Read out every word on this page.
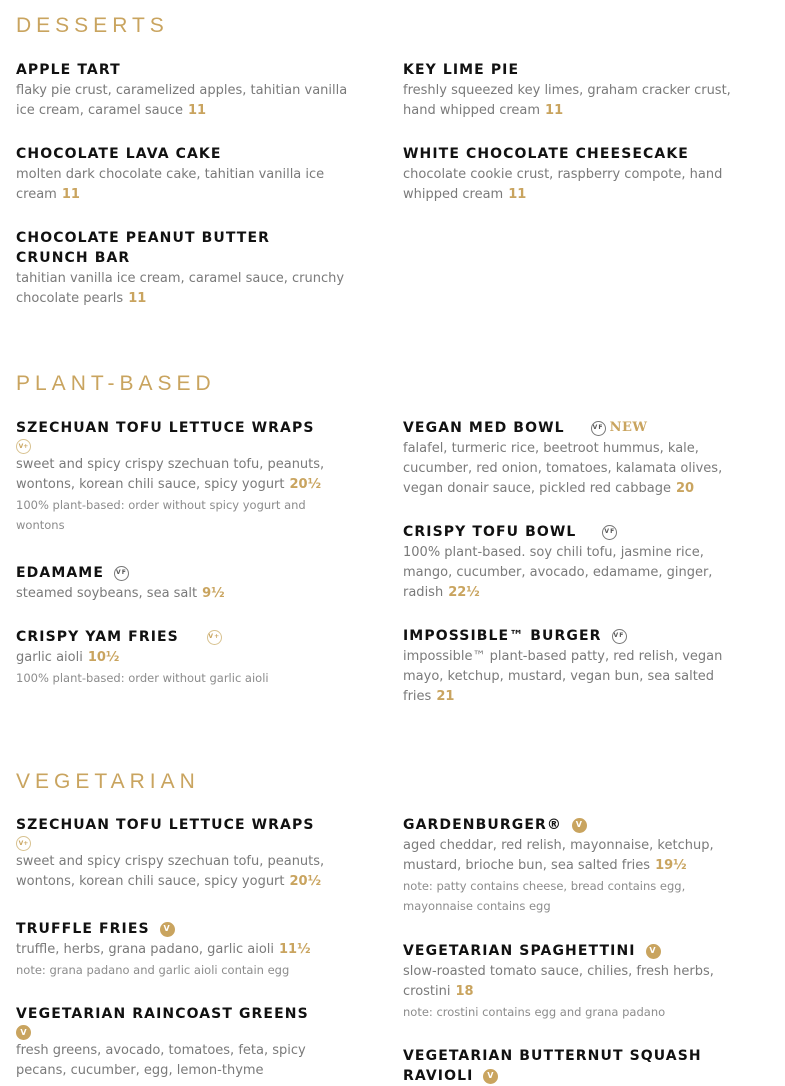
DESSERTS

APPLE TART

flaky pie crust, caramelized apples, tahitian vanilla ice cream, caramel sauce 11

KEY LIME PIE

freshly squeezed key limes, graham cracker crust, hand whipped cream 11

CHOCOLATE LAVA CAKE

molten dark chocolate cake, tahitian vanilla ice cream 11

WHITE CHOCOLATE CHEESECAKE

chocolate cookie crust, raspberry compote, hand whipped cream 11

CHOCOLATE PEANUT BUTTER

CRUNCH BAR

tahitian vanilla ice cream, caramel sauce, crunchy chocolate pearls 11

PLANT-BASED

SZECHUAN TOFU LETTUCE WRAPS

V+

sweet and spicy crispy szechuan tofu, peanuts, wontons, korean chili sauce, spicy yogurt 20½

100% plant-based: order without spicy yogurt and wontons

VEGAN MED BOWL	VF NEW

falafel, turmeric rice, beetroot hummus, kale, cucumber, red onion, tomatoes, kalamata olives, vegan donair sauce, pickled red cabbage 20

EDAMAME VF

steamed soybeans, sea salt 9½

CRISPY TOFU BOWL	VF

100% plant-based. soy chili tofu, jasmine rice, mango, cucumber, avocado, edamame, ginger, radish 22½

CRISPY YAM FRIES	V+

garlic aioli 10½

100% plant-based: order without garlic aioli

IMPOSSIBLE™ BURGER VF

impossible™ plant-based patty, red relish, vegan mayo, ketchup, mustard, vegan bun, sea salted fries 21

VEGETARIAN

SZECHUAN TOFU LETTUCE WRAPS

V+

sweet and spicy crispy szechuan tofu, peanuts, wontons, korean chili sauce, spicy yogurt 20½

GARDENBURGER® V

aged cheddar, red relish, mayonnaise, ketchup, mustard, brioche bun, sea salted fries 19½

note: patty contains cheese, bread contains egg, mayonnaise contains egg

TRUFFLE FRIES V

truffle, herbs, grana padano, garlic aioli 11½

note: grana padano and garlic aioli contain egg

VEGETARIAN SPAGHETTINI V

slow-roasted tomato sauce, chilies, fresh herbs, crostini 18

note: crostini contains egg and grana padano

VEGETARIAN RAINCOAST GREENS

V

fresh greens, avocado, tomatoes, feta, spicy pecans, cucumber, egg, lemon-thyme

VEGETARIAN BUTTERNUT SQUASH

RAVIOLI V
